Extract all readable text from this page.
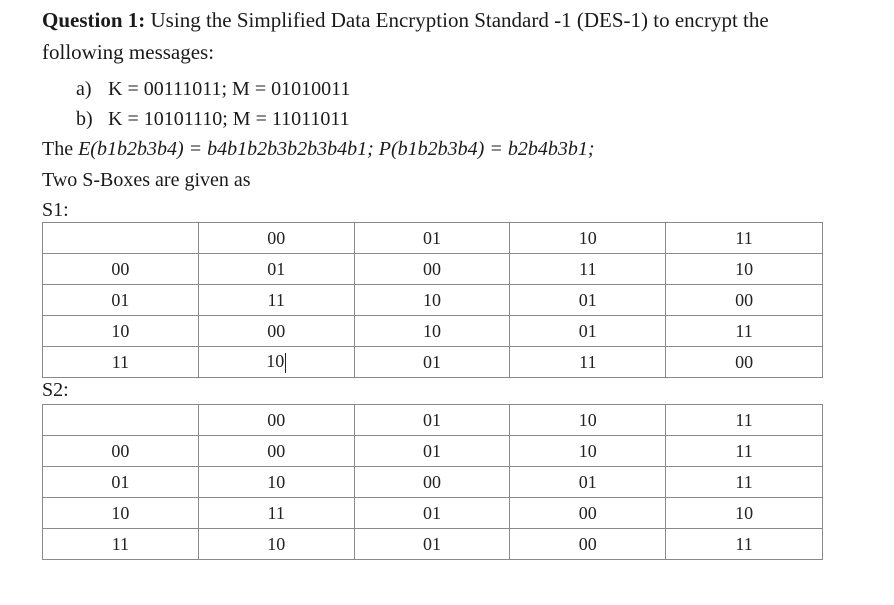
Question 1: Using the Simplified Data Encryption Standard -1 (DES-1) to encrypt the
following messages:
a) K = 00111011; M = 01010011
b) K = 10101110; M = 11011011
The E(b1b2b3b4) = b4b1b2b3b2b3b4b1; P(b1b2b3b4) = b2b4b3b1;
Two S-Boxes are given as
S1:
	00	01	10	11
00	01	00	11	10
01	11	10	01	00
10	00	10	01	11
11	10	01	11	00
S2:
	00	01	10	11
00	00	01	10	11
01	10	00	01	11
10	11	01	00	10
11	10	01	00	11
